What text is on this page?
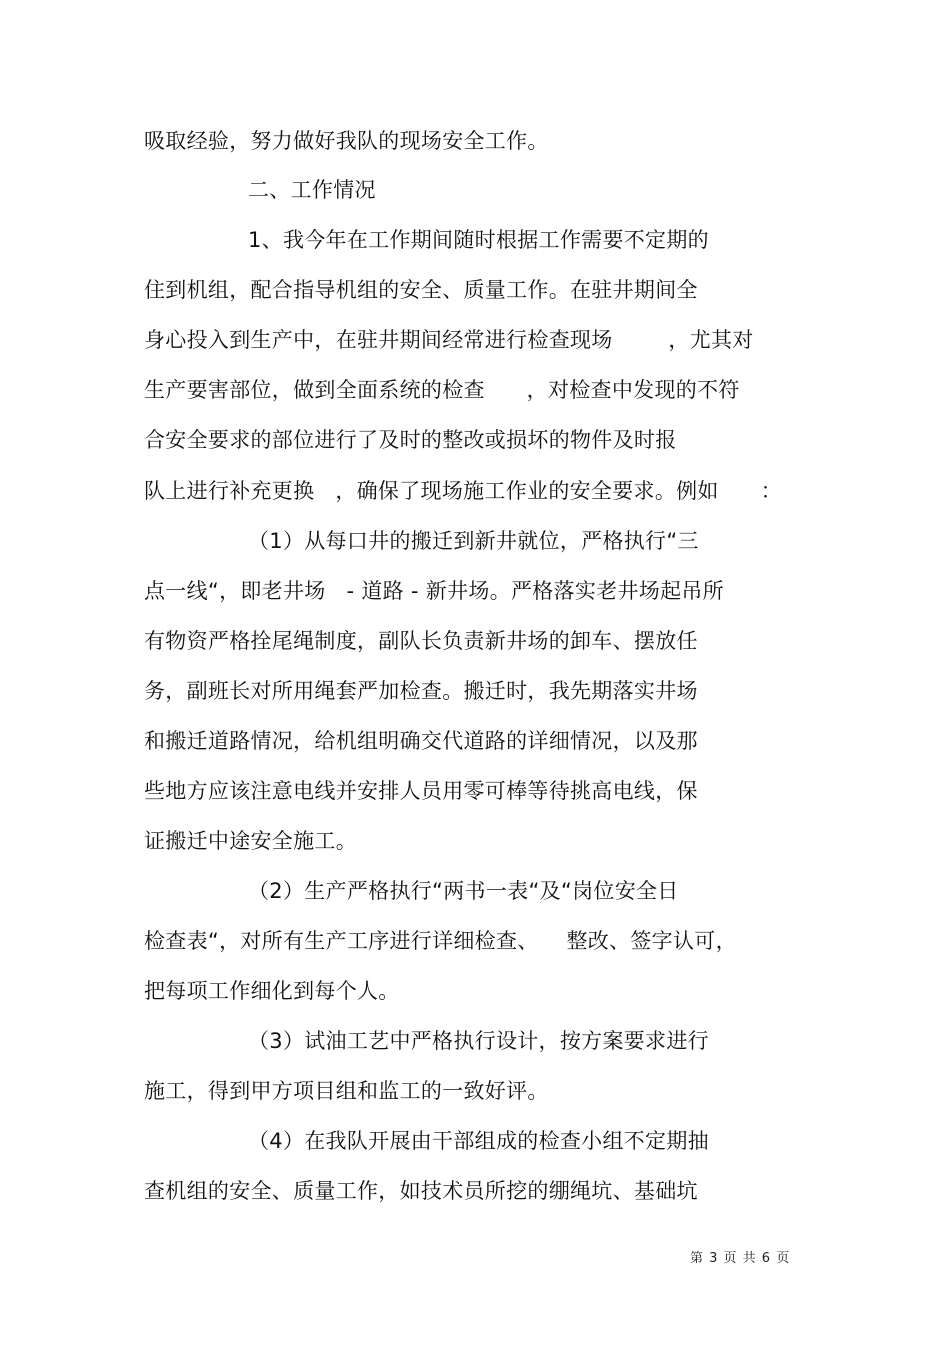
吸取经验，努力做好我队的现场安全工作。
二、工作情况
1、我今年在工作期间随时根据工作需要不定期的
住到机组，配合指导机组的安全、质量工作。在驻井期间全
身心投入到生产中，在驻井期间经常进行检查现场        ，尤其对
生产要害部位，做到全面系统的检查      ，对检查中发现的不符
合安全要求的部位进行了及时的整改或损坏的物件及时报
队上进行补充更换   ，确保了现场施工作业的安全要求。例如      ：
（1）从每口井的搬迁到新井就位，严格执行“三
点一线“，即老井场   - 道路 - 新井场。严格落实老井场起吊所
有物资严格拴尾绳制度，副队长负责新井场的卸车、摆放任
务，副班长对所用绳套严加检查。搬迁时，我先期落实井场
和搬迁道路情况，给机组明确交代道路的详细情况，以及那
些地方应该注意电线并安排人员用零可棒等待挑高电线，保
证搬迁中途安全施工。
（2）生产严格执行“两书一表“及“岗位安全日
检查表“，对所有生产工序进行详细检查、    整改、签字认可，
把每项工作细化到每个人。
（3）试油工艺中严格执行设计，按方案要求进行
施工，得到甲方项目组和监工的一致好评。
（4）在我队开展由干部组成的检查小组不定期抽
查机组的安全、质量工作，如技术员所挖的绷绳坑、基础坑
第 3 页 共 6 页
